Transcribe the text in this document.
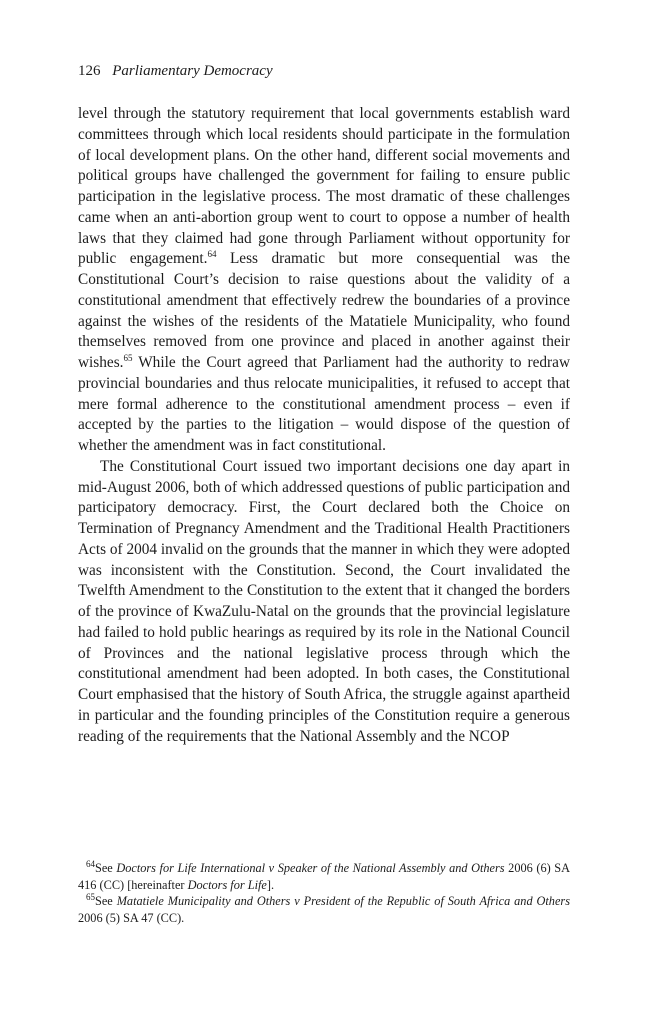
126 Parliamentary Democracy

level through the statutory requirement that local governments establish ward committees through which local residents should participate in the formulation of local development plans. On the other hand, different social movements and political groups have challenged the government for failing to ensure public participation in the legislative process. The most dramatic of these challenges came when an anti-abortion group went to court to oppose a number of health laws that they claimed had gone through Parliament without opportunity for public engagement.$^{64}$ Less dramatic but more consequential was the Constitutional Court’s decision to raise questions about the validity of a constitutional amendment that effectively redrew the boundaries of a province against the wishes of the residents of the Matatiele Municipality, who found themselves removed from one province and placed in another against their wishes.$^{65}$ While the Court agreed that Parliament had the authority to redraw provincial boundaries and thus relocate municipalities, it refused to accept that mere formal adherence to the constitutional amendment process – even if accepted by the parties to the litigation – would dispose of the question of whether the amendment was in fact constitutional.

The Constitutional Court issued two important decisions one day apart in mid-August 2006, both of which addressed questions of public participation and participatory democracy. First, the Court declared both the Choice on Termination of Pregnancy Amendment and the Traditional Health Practitioners Acts of 2004 invalid on the grounds that the manner in which they were adopted was inconsistent with the Constitution. Second, the Court invalidated the Twelfth Amendment to the Constitution to the extent that it changed the borders of the province of KwaZulu-Natal on the grounds that the provincial legislature had failed to hold public hearings as required by its role in the National Council of Provinces and the national legislative process through which the constitutional amendment had been adopted. In both cases, the Constitutional Court emphasised that the history of South Africa, the struggle against apartheid in particular and the founding principles of the Constitution require a generous reading of the requirements that the National Assembly and the NCOP

$^{64}$See Doctors for Life International v Speaker of the National Assembly and Others 2006 (6) SA 416 (CC) [hereinafter Doctors for Life].

$^{65}$See Matatiele Municipality and Others v President of the Republic of South Africa and Others 2006 (5) SA 47 (CC).
